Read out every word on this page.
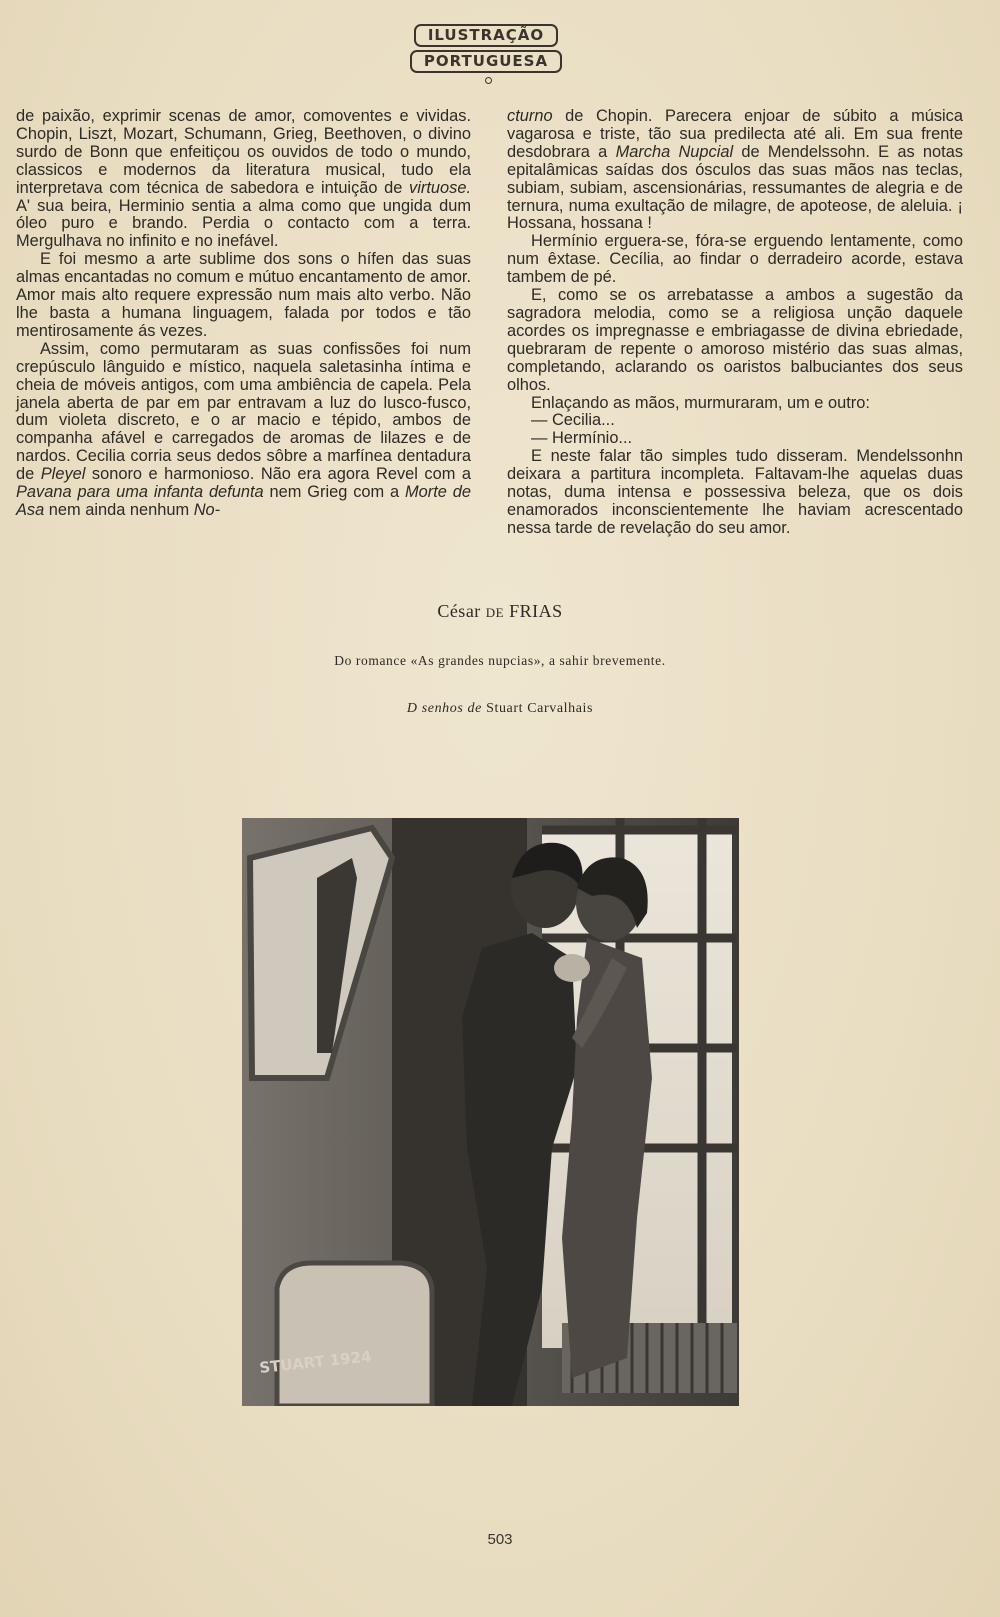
ILUSTRAÇÃO
PORTUGUESA

de paixão, exprimir scenas de amor, comoventes e vividas. Chopin, Liszt, Mozart, Schumann, Grieg, Beethoven, o divino surdo de Bonn que enfeitiçou os ouvidos de todo o mundo, classicos e modernos da literatura musical, tudo ela interpretava com técnica de sabedora e intuição de virtuose. A' sua beira, Herminio sentia a alma como que ungida dum óleo puro e brando. Perdia o contacto com a terra. Mergulhava no infinito e no inefável.

E foi mesmo a arte sublime dos sons o hífen das suas almas encantadas no comum e mútuo encantamento de amor. Amor mais alto requere expressão num mais alto verbo. Não lhe basta a humana linguagem, falada por todos e tão mentirosamente ás vezes.

Assim, como permutaram as suas confissões foi num crepúsculo lânguido e místico, naquela saletasinha íntima e cheia de móveis antigos, com uma ambiência de capela. Pela janela aberta de par em par entravam a luz do lusco-fusco, dum violeta discreto, e o ar macio e tépido, ambos de companha afável e carregados de aromas de lilazes e de nardos. Cecilia corria seus dedos sôbre a marfínea dentadura de Pleyel sonoro e harmonioso. Não era agora Revel com a Pavana para uma infanta defunta nem Grieg com a Morte de Asa nem ainda nenhum No-

cturno de Chopin. Parecera enjoar de súbito a música vagarosa e triste, tão sua predilecta até ali. Em sua frente desdobrara a Marcha Nupcial de Mendelssohn. E as notas epitalâmicas saídas dos ósculos das suas mãos nas teclas, subiam, subiam, ascensionárias, ressumantes de alegria e de ternura, numa exultação de milagre, de apoteose, de aleluia. ¡ Hossana, hossana !

Hermínio erguera-se, fóra-se erguendo lentamente, como num êxtase. Cecília, ao findar o derradeiro acorde, estava tambem de pé.

E, como se os arrebatasse a ambos a sugestão da sagradora melodia, como se a religiosa unção daquele acordes os impregnasse e embriagasse de divina ebriedade, quebraram de repente o amoroso mistério das suas almas, completando, aclarando os oaristos balbuciantes dos seus olhos.

Enlaçando as mãos, murmuraram, um e outro:

— Cecilia...

— Hermínio...

E neste falar tão simples tudo disseram. Mendelssonhn deixara a partitura incompleta. Faltavam-lhe aquelas duas notas, duma intensa e possessiva beleza, que os dois enamorados inconscientemente lhe haviam acrescentado nessa tarde de revelação do seu amor.

César DE FRIAS
Do romance «As grandes nupcias», a sahir brevemente.
D senhos de Stuart Carvalhais
STUART 1924
503
